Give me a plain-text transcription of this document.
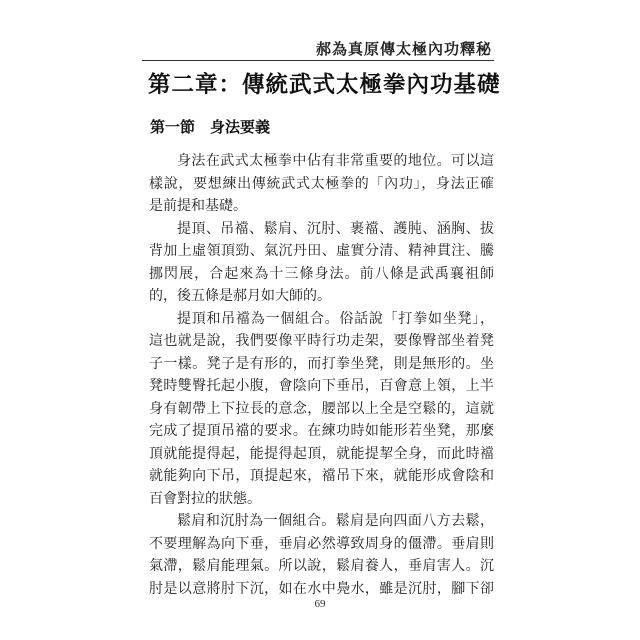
郝為真原傳太極內功釋秘
第二章：傳統武式太極拳內功基礎
第一節　身法要義
身法在武式太極拳中佔有非常重要的地位。可以這
樣說，要想練出傳統武式太極拳的「內功」，身法正確
是前提和基礎。
提頂、吊襠、鬆肩、沉肘、裹襠、護肫、涵胸、拔
背加上虛領頂勁、氣沉丹田、虛實分清、精神貫注、騰
挪閃展，合起來為十三條身法。前八條是武禹襄祖師
的，後五條是郝月如大師的。
提頂和吊襠為一個組合。俗話說「打拳如坐凳」，
這也就是說，我們要像平時行功走架，要像臀部坐着凳
子一樣。凳子是有形的，而打拳坐凳，則是無形的。坐
凳時雙臀托起小腹，會陰向下垂吊，百會意上領，上半
身有韌帶上下拉長的意念，腰部以上全是空鬆的，這就
完成了提頂吊襠的要求。在練功時如能形若坐凳，那麼
頂就能提得起，能提得起頂，就能提挈全身，而此時襠
就能夠向下吊，頂提起來，襠吊下來，就能形成會陰和
百會對拉的狀態。
鬆肩和沉肘為一個組合。鬆肩是向四面八方去鬆，
不要理解為向下垂，垂肩必然導致周身的僵滯。垂肩則
氣滯，鬆肩能理氣。所以說，鬆肩養人，垂肩害人。沉
肘是以意將肘下沉，如在水中鳧水，雖是沉肘，腳下卻
69
